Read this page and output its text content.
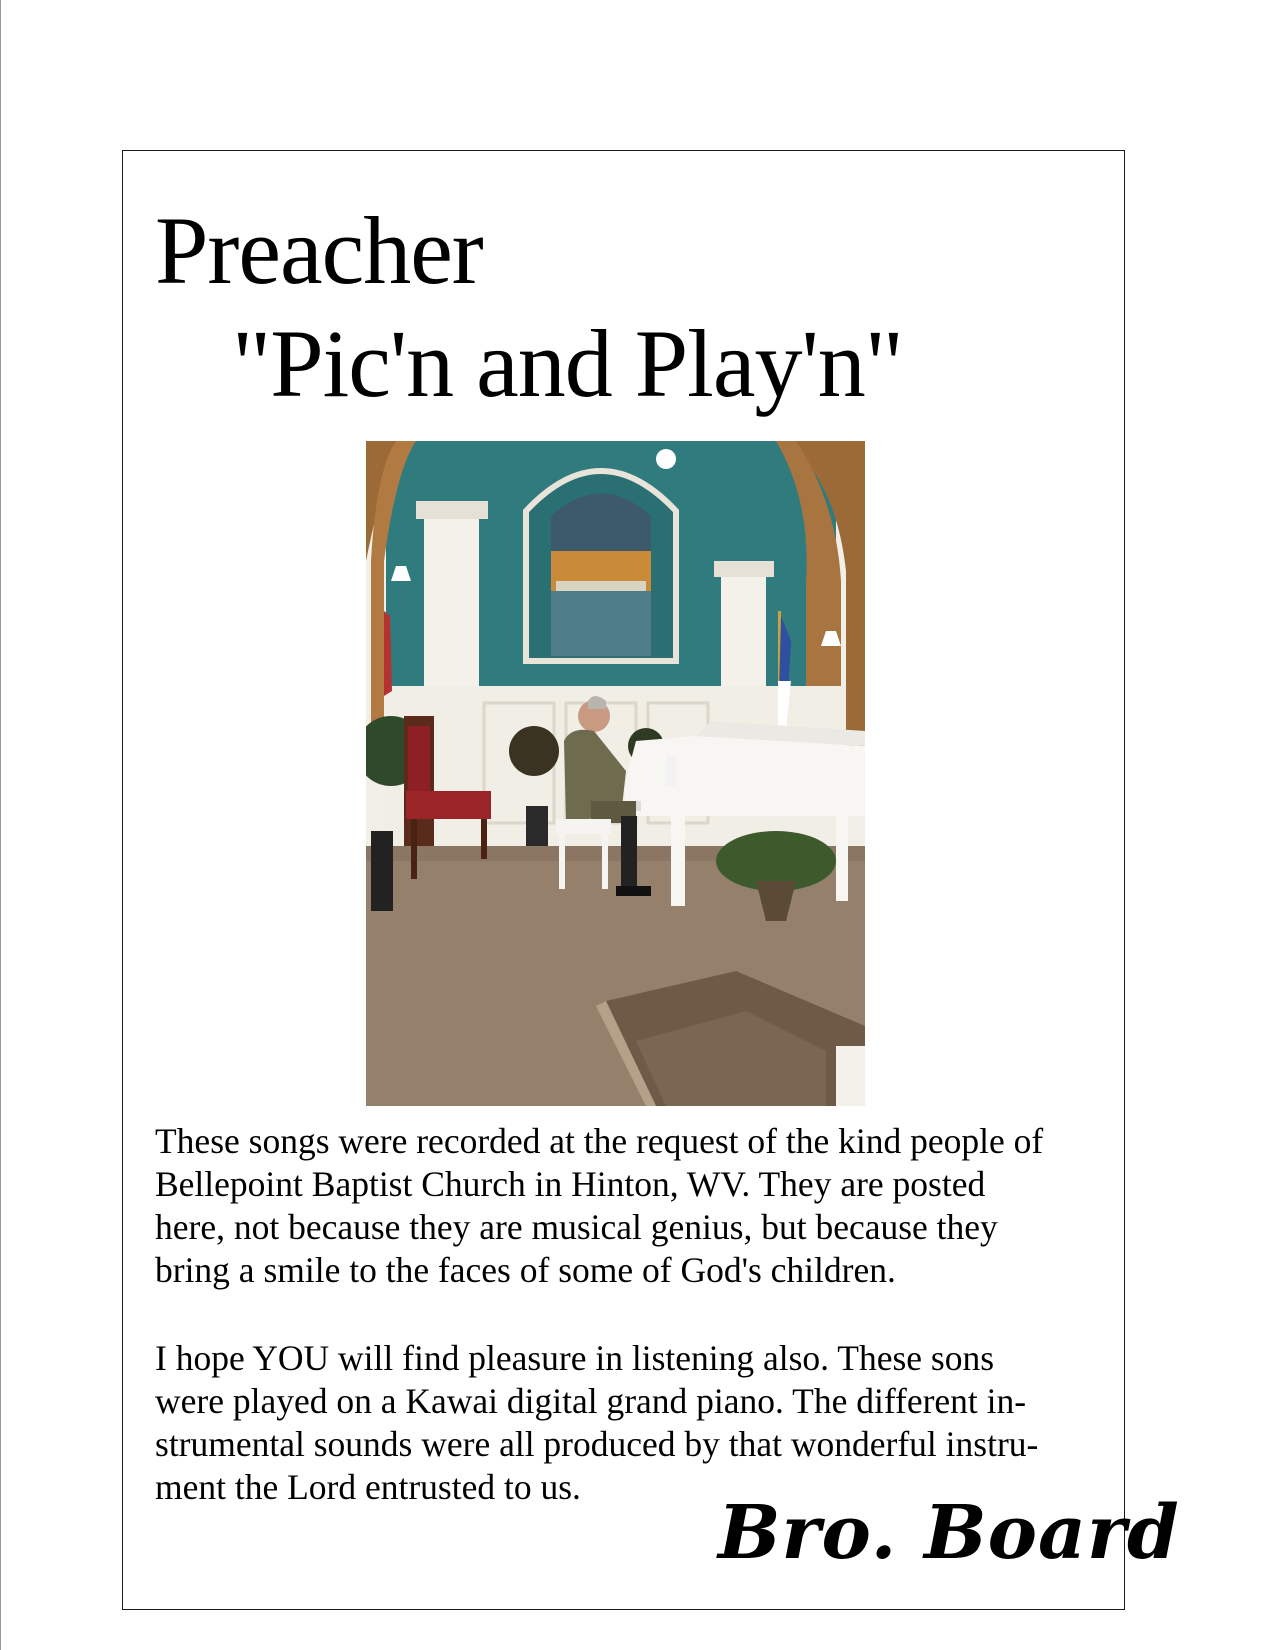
Preacher
"Pic'n and Play'n"
These songs were recorded at the request of the kind people of
Bellepoint Baptist Church in Hinton, WV. They are posted
here, not because they are musical genius, but because they
bring a smile to the faces of some of God's children.
I hope YOU will find pleasure in listening also. These sons
were played on a Kawai digital grand piano. The different in-
strumental sounds were all produced by that wonderful instru-
ment the Lord entrusted to us.
Bro. Board
